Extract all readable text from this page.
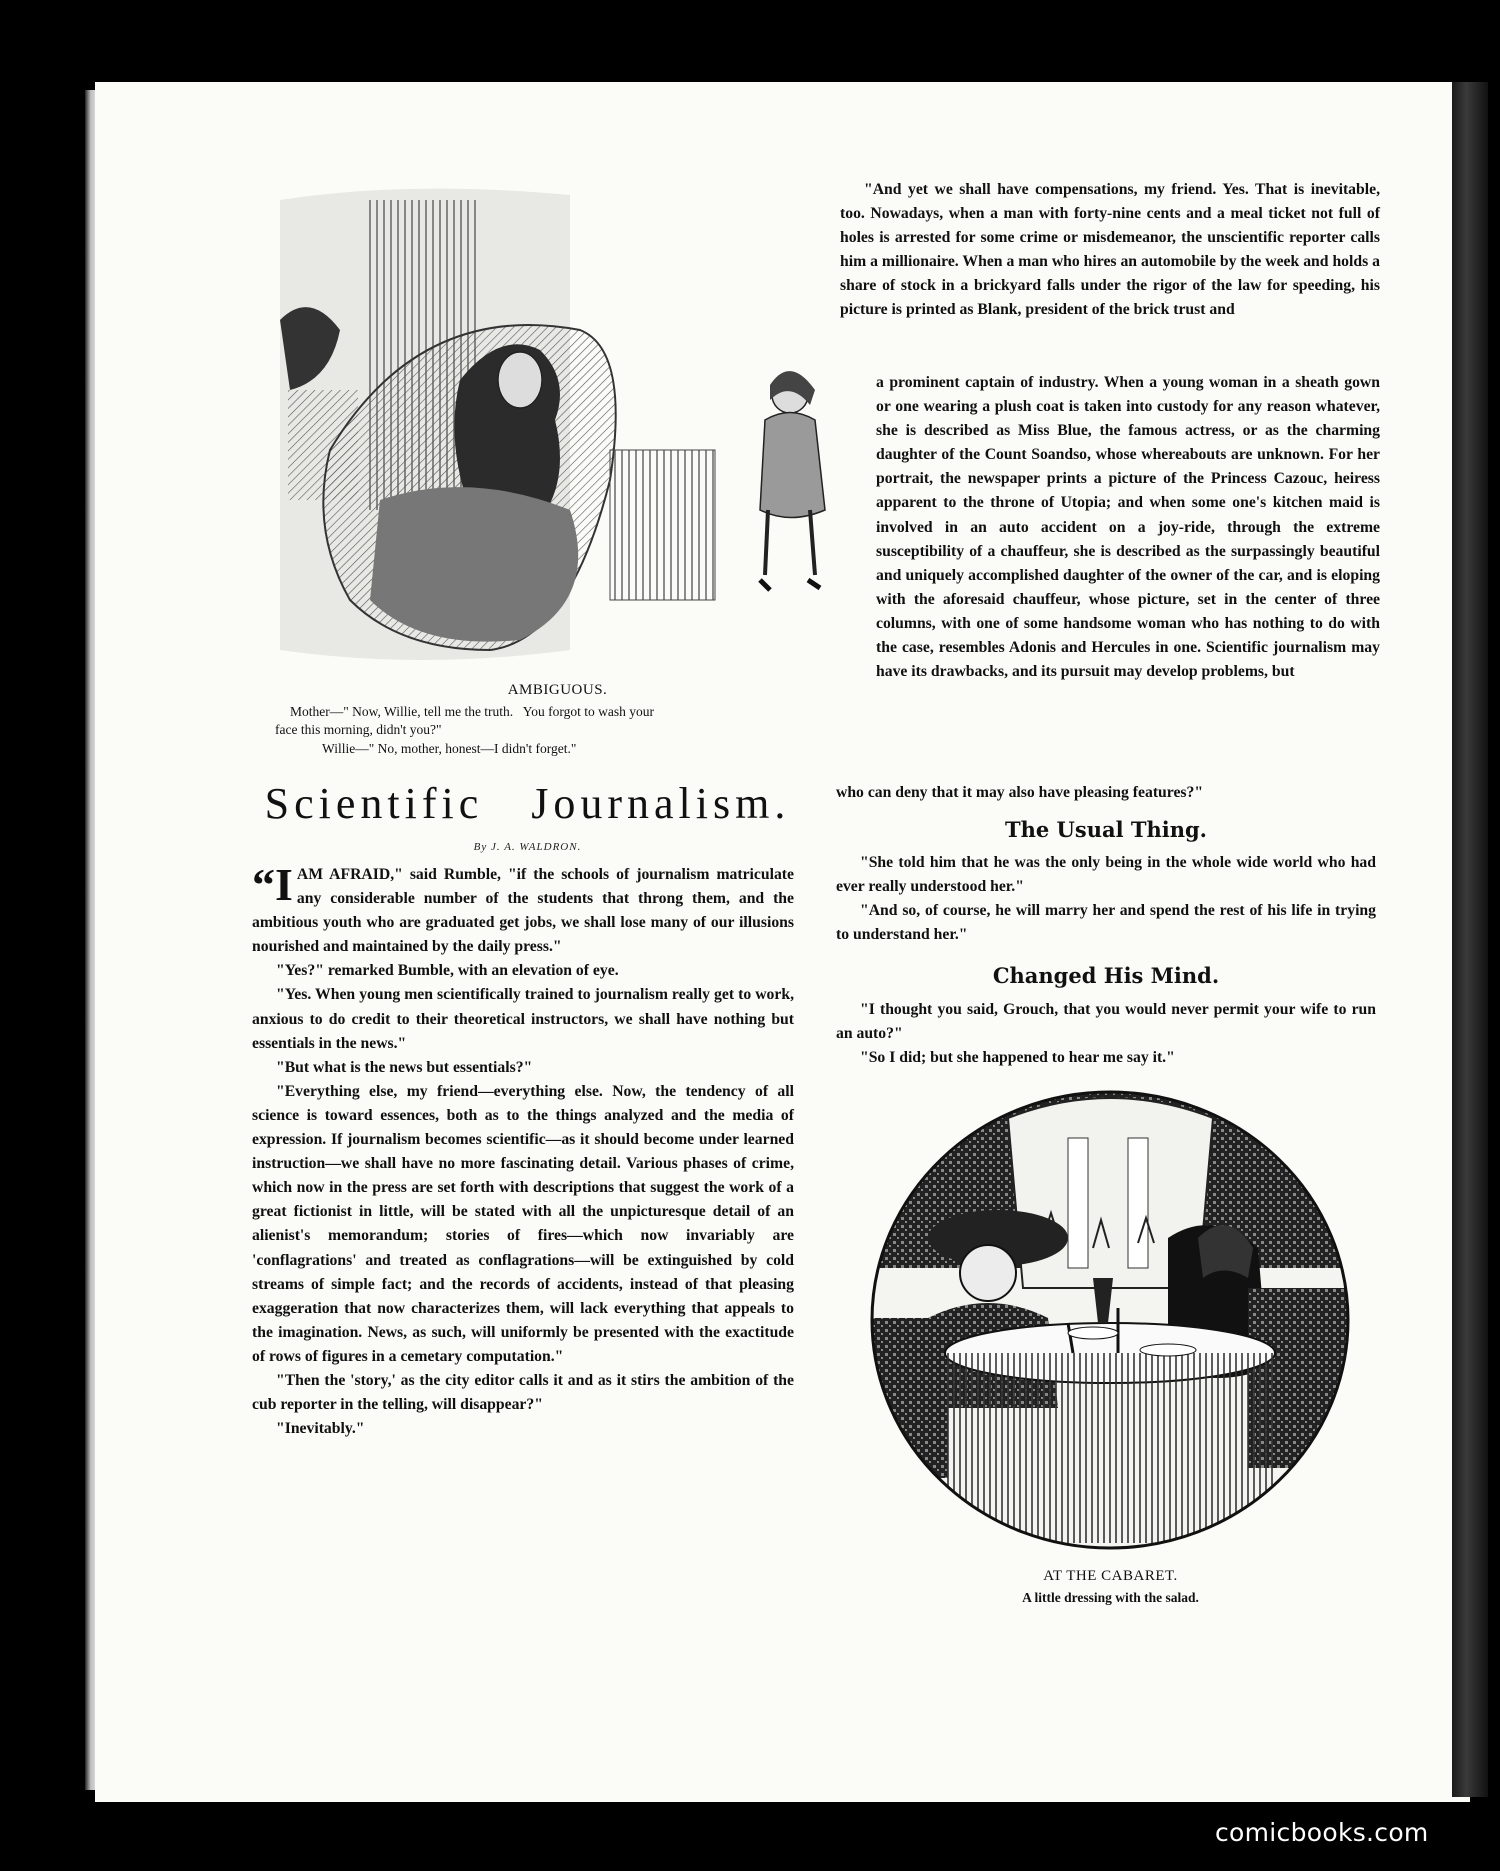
AMBIGUOUS.
Mother—" Now, Willie, tell me the truth.   You forgot to wash your
face this morning, didn't you?"
Willie—" No, mother, honest—I didn't forget."
Scientific   Journalism.
By J. A. WALDRON.

“IAM AFRAID," said Rumble, "if the schools of journalism matriculate any considerable number of the students that throng them, and the ambitious youth who are graduated get jobs, we shall lose many of our illusions nourished and maintained by the daily press."

"Yes?" remarked Bumble, with an elevation of eye.

"Yes. When young men scientifically trained to journalism really get to work, anxious to do credit to their theoretical instructors, we shall have nothing but essentials in the news."

"But what is the news but essentials?"

"Everything else, my friend—everything else. Now, the tendency of all science is toward essences, both as to the things analyzed and the media of expression. If journalism becomes scientific—as it should become under learned instruction—we shall have no more fascinating detail. Various phases of crime, which now in the press are set forth with descriptions that suggest the work of a great fictionist in little, will be stated with all the unpicturesque detail of an alienist's memorandum; stories of fires—which now invariably are 'conflagrations' and treated as conflagrations—will be extinguished by cold streams of simple fact; and the records of accidents, instead of that pleasing exaggeration that now characterizes them, will lack everything that appeals to the imagination. News, as such, will uniformly be presented with the exactitude of rows of figures in a cemetary computation."

"Then the 'story,' as the city editor calls it and as it stirs the ambition of the cub reporter in the telling, will disappear?"

"Inevitably."

"And yet we shall have compensations, my friend. Yes. That is inevitable, too. Nowadays, when a man with forty-nine cents and a meal ticket not full of holes is arrested for some crime or misdemeanor, the unscientific reporter calls him a millionaire. When a man who hires an automobile by the week and holds a share of stock in a brickyard falls under the rigor of the law for speeding, his picture is printed as Blank, president of the brick trust and

a prominent captain of industry. When a young woman in a sheath gown or one wearing a plush coat is taken into custody for any reason whatever, she is described as Miss Blue, the famous actress, or as the charming daughter of the Count Soandso, whose whereabouts are unknown. For her portrait, the newspaper prints a picture of the Princess Cazouc, heiress apparent to the throne of Utopia; and when some one's kitchen maid is involved in an auto accident on a joy-ride, through the extreme susceptibility of a chauffeur, she is described as the surpassingly beautiful and uniquely accomplished daughter of the owner of the car, and is eloping with the aforesaid chauffeur, whose picture, set in the center of three columns, with one of some handsome woman who has nothing to do with the case, resembles Adonis and Hercules in one. Scientific journalism may have its drawbacks, and its pursuit may develop problems, but

who can deny that it may also have pleasing features?"

The Usual Thing.

"She told him that he was the only being in the whole wide world who had ever really understood her."

"And so, of course, he will marry her and spend the rest of his life in trying to understand her."

Changed His Mind.

"I thought you said, Grouch, that you would never permit your wife to run an auto?"

"So I did; but she happened to hear me say it."

AT THE CABARET.
A little dressing with the salad.
comicbooks.com
